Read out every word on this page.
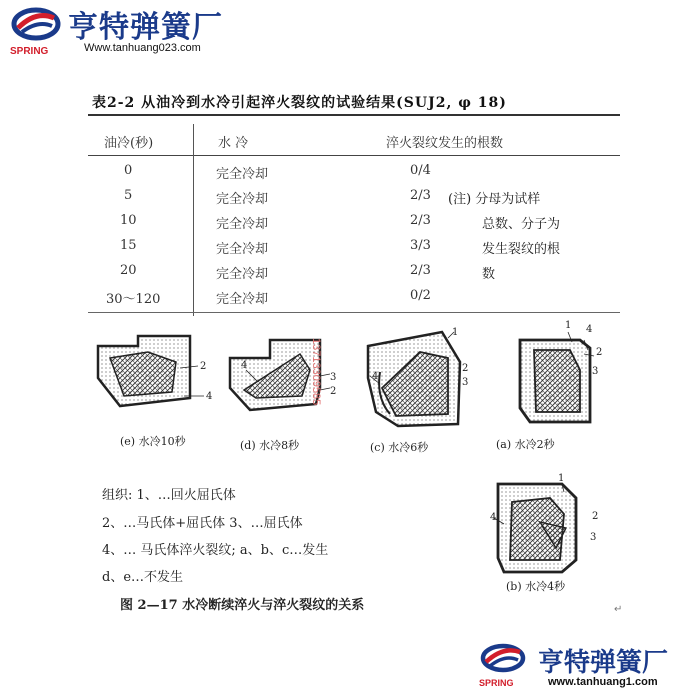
SPRING
亨特弹簧厂
Www.tanhuang023.com
表2-2 从油冷到水冷引起淬火裂纹的试验结果(SUJ2, φ 18)
油冷(秒)	水 冷	淬火裂纹发生的根数
0	完全冷却	0/4
5	完全冷却	2/3 (注) 分母为试样
10	完全冷却	2/3	总数、分子为
15	完全冷却	3/3	发生裂纹的根
20	完全冷却	2/3	数
30～120	完全冷却	0/2
2
4
(e) 水冷10秒
4
3
2
(d) 水冷8秒
13713309585
1
2
3
4
(c) 水冷6秒
1 4
2
3
(a) 水冷2秒
1
2
3
4
(b) 水冷4秒
组织: 1、…回火屈氏体
2、…马氏体+屈氏体 3、…屈氏体
4、… 马氏体淬火裂纹; a、b、c…发生
d、e…不发生
图 2—17 水冷断续淬火与淬火裂纹的关系	↵
SPRING
亨特弹簧厂
www.tanhuang1.com
